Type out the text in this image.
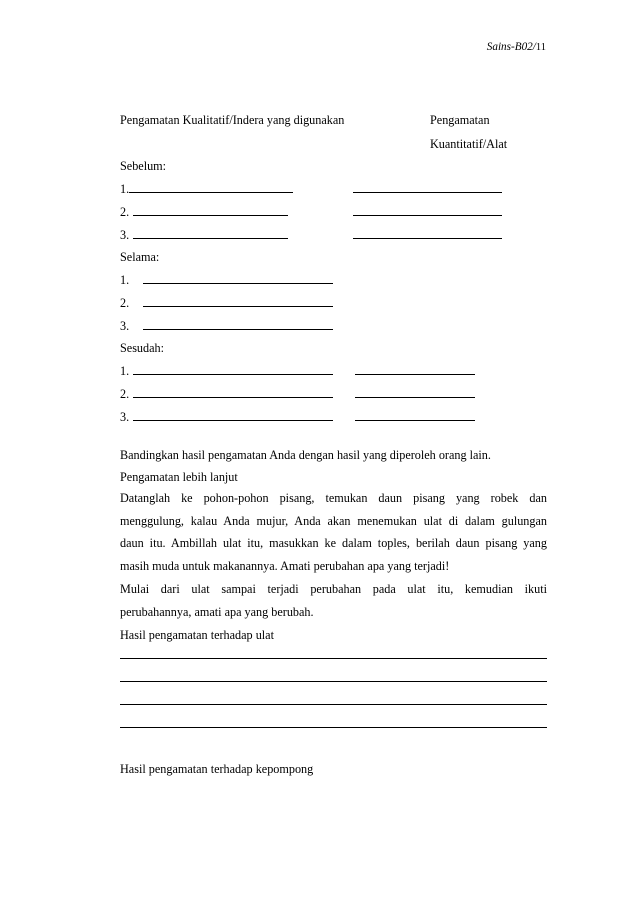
Sains-B02/11
Pengamatan Kualitatif/Indera yang digunakan	Pengamatan
Kuantitatif/Alat
Sebelum:
1.
2.
3.
Selama:
1.
2.
3.
Sesudah:
1.
2.
3.
Bandingkan hasil pengamatan Anda dengan hasil yang diperoleh orang lain.
Pengamatan lebih lanjut
Datanglah ke pohon-pohon pisang, temukan daun pisang yang robek dan
menggulung, kalau Anda mujur, Anda akan menemukan ulat di dalam gulungan
daun itu. Ambillah ulat itu, masukkan ke dalam toples, berilah daun pisang yang
masih muda untuk makanannya. Amati perubahan apa yang terjadi!
Mulai dari ulat sampai terjadi perubahan pada ulat itu, kemudian ikuti
perubahannya, amati apa yang berubah.
Hasil pengamatan terhadap ulat
Hasil pengamatan terhadap kepompong
